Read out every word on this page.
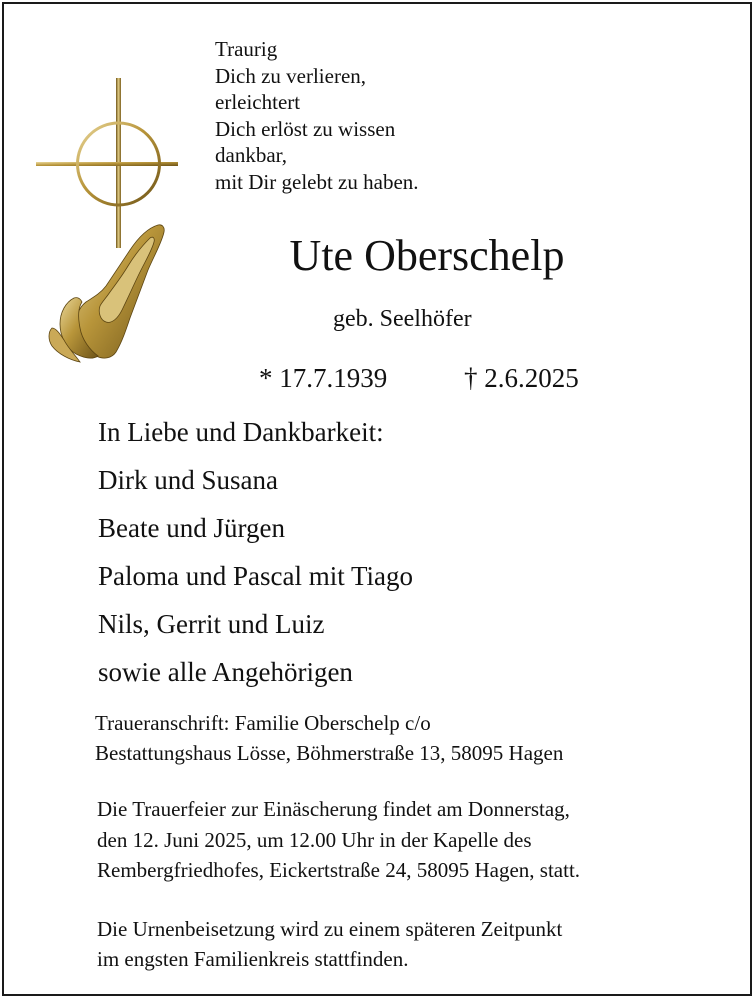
Traurig
Dich zu verlieren,
erleichtert
Dich erlöst zu wissen
dankbar,
mit Dir gelebt zu haben.
Ute Oberschelp
geb. Seelhöfer
* 17.7.1939	† 2.6.2025
In Liebe und Dankbarkeit:
Dirk und Susana
Beate und Jürgen
Paloma und Pascal mit Tiago
Nils, Gerrit und Luiz
sowie alle Angehörigen
Traueranschrift: Familie Oberschelp c/o
Bestattungshaus Lösse, Böhmerstraße 13, 58095 Hagen
Die Trauerfeier zur Einäscherung findet am Donnerstag,
den 12. Juni 2025, um 12.00 Uhr in der Kapelle des
Rembergfriedhofes, Eickertstraße 24, 58095 Hagen, statt.
Die Urnenbeisetzung wird zu einem späteren Zeitpunkt
im engsten Familienkreis stattfinden.
